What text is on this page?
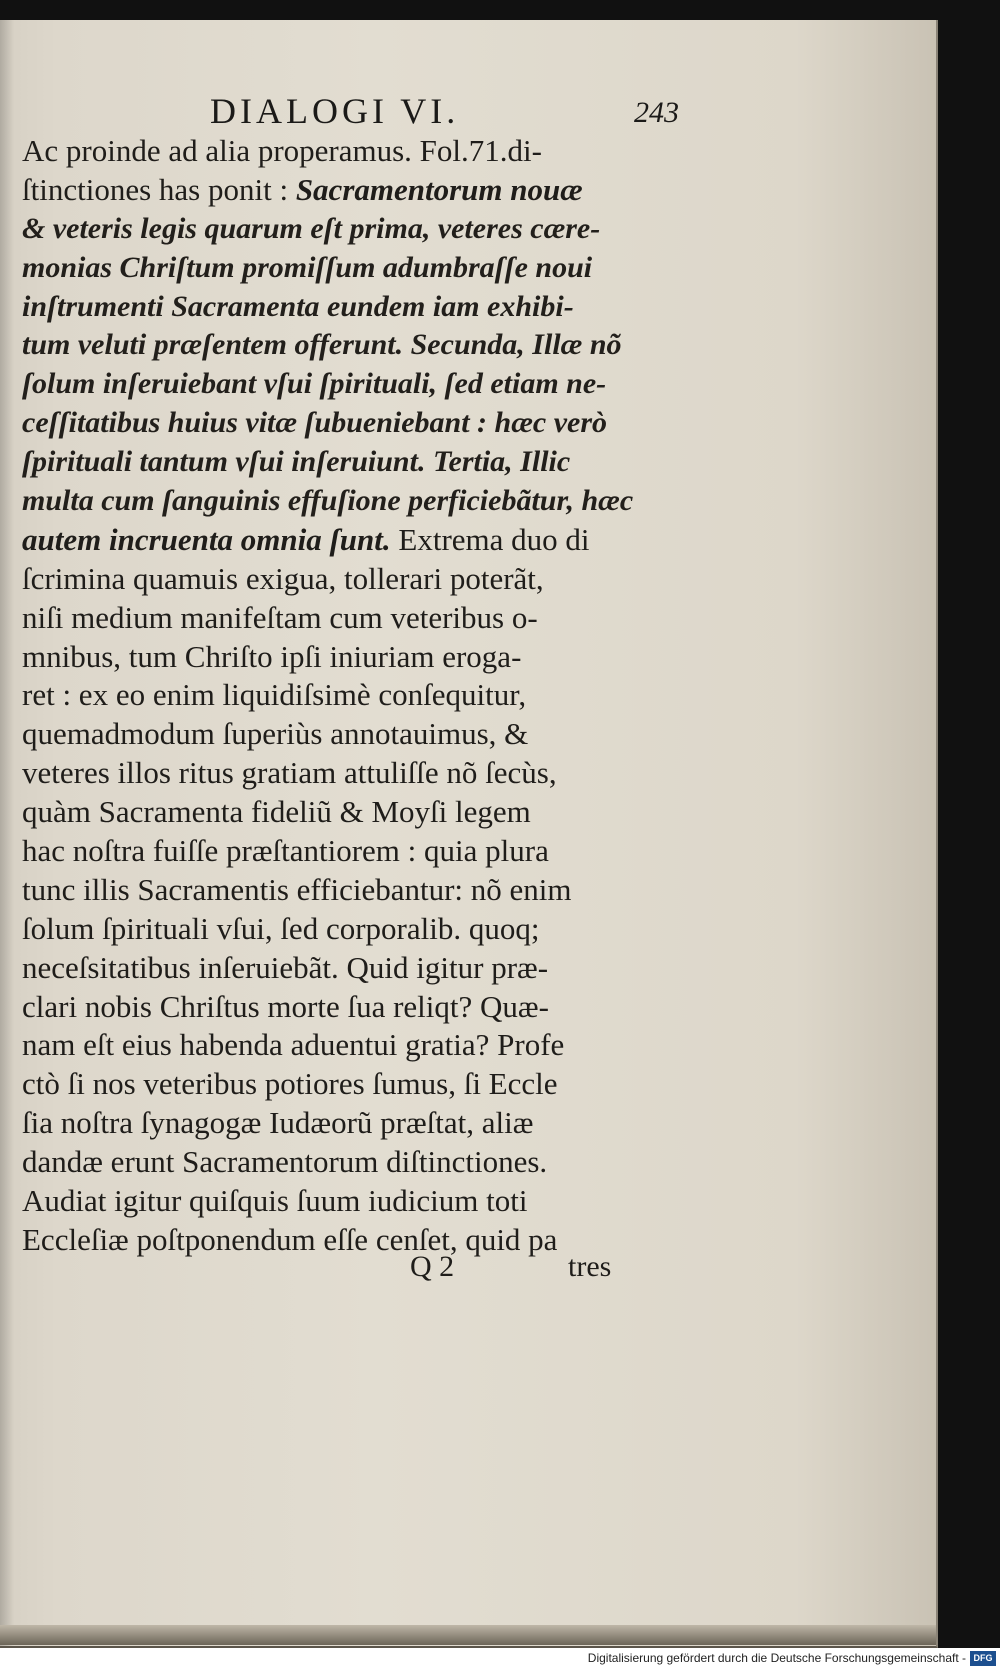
DIALOGI VI.	243
Ac proinde ad alia properamus. Fol.71.di-
ſtinctiones has ponit : Sacramentorum nouæ
& veteris legis quarum eſt prima, veteres cære-
monias Chriſtum promiſſum adumbraſſe noui
inſtrumenti Sacramenta eundem iam exhibi-
tum veluti præſentem offerunt. Secunda, Illæ nõ
ſolum inſeruiebant vſui ſpirituali, ſed etiam ne-
ceſſitatibus huius vitæ ſubueniebant : hæc verò
ſpirituali tantum vſui inſeruiunt. Tertia, Illic
multa cum ſanguinis effuſione perficiebãtur, hæc
autem incruenta omnia ſunt. Extrema duo di
ſcrimina quamuis exigua, tollerari poterãt,
niſi medium manifeſtam cum veteribus o-
mnibus, tum Chriſto ipſi iniuriam eroga-
ret : ex eo enim liquidiſsimè conſequitur,
quemadmodum ſuperiùs annotauimus, &
veteres illos ritus gratiam attuliſſe nõ ſecùs,
quàm Sacramenta fideliũ & Moyſi legem
hac noſtra fuiſſe præſtantiorem : quia plura
tunc illis Sacramentis efficiebantur: nõ enim
ſolum ſpirituali vſui, ſed corporalib. quoq;
neceſsitatibus inſeruiebãt. Quid igitur præ-
clari nobis Chriſtus morte ſua reliqt? Quæ-
nam eſt eius habenda aduentui gratia? Profe
ctò ſi nos veteribus potiores ſumus, ſi Eccle
ſia noſtra ſynagogæ Iudæorũ præſtat, aliæ
dandæ erunt Sacramentorum diſtinctiones.
Audiat igitur quiſquis ſuum iudicium toti
Eccleſiæ poſtponendum eſſe cenſet, quid pa
Q 2	tres
Digitalisierung gefördert durch die Deutsche Forschungsgemeinschaft - DFG
